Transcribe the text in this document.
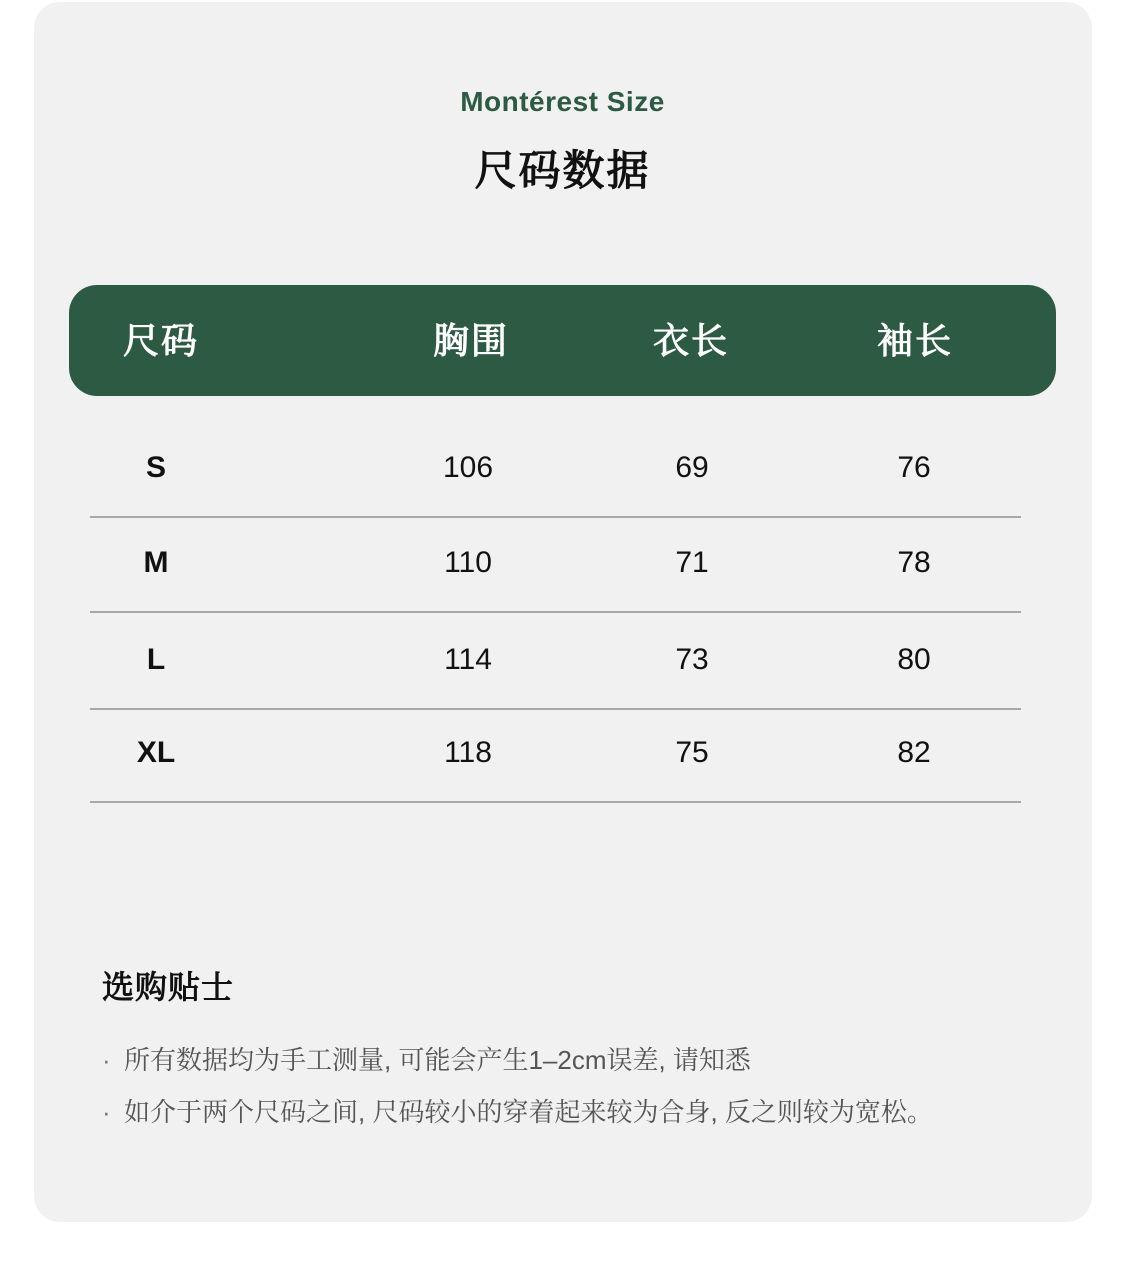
Montérest Size
尺码数据
尺码	胸围	衣长	袖长
S	106	69	76
M	110	71	78
L	114	73	80
XL	118	75	82
选购贴士
· 所有数据均为手工测量, 可能会产生1–2cm误差, 请知悉
· 如介于两个尺码之间, 尺码较小的穿着起来较为合身, 反之则较为宽松。
